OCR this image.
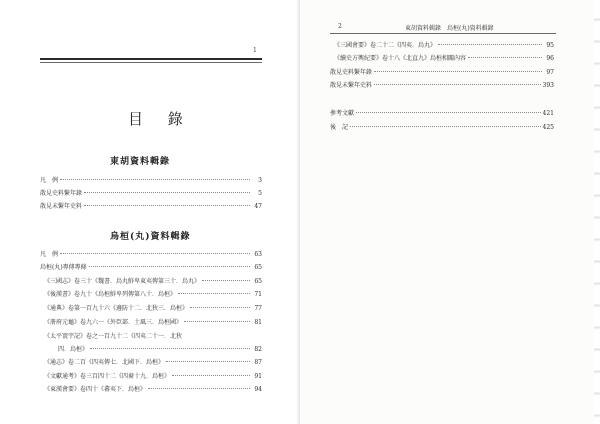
1
目 錄
東胡資料輯錄
凡　例	3
散見史料繫年錄	5
散見未繫年史料	47
烏桓(丸)資料輯錄
凡　例	63
烏桓(丸)專傳專條	65
《三國志》卷三十《魏書．烏丸鮮卑東夷傳第三十．烏丸》	65
《後漢書》卷九十《烏桓鮮卑列傳第八十．烏桓》	71
《通典》卷第一百九十六《邊防十二．北狄三．烏桓》	77
《册府元龜》卷九六一《外臣部．土風三．烏桓國》	81
《太平寰宇記》卷之一百九十二《四夷二十一．北狄
四．烏桓》	82
《通志》卷二百《四夷傳七．北國下．烏桓》	87
《文獻通考》卷三百四十二《四裔十九．烏桓》	91
《東漢會要》卷四十《蕃夷下．烏桓》	94
2	東胡資料輯錄　烏桓(丸)資料輯錄
《三國會要》卷二十二《四夷．烏丸》	95
《續史方輿紀要》卷十八《北直九》烏桓相關內容	96
散見史料繫年錄	97
散見未繫年史料	393
參考文獻	421
後　記	425
